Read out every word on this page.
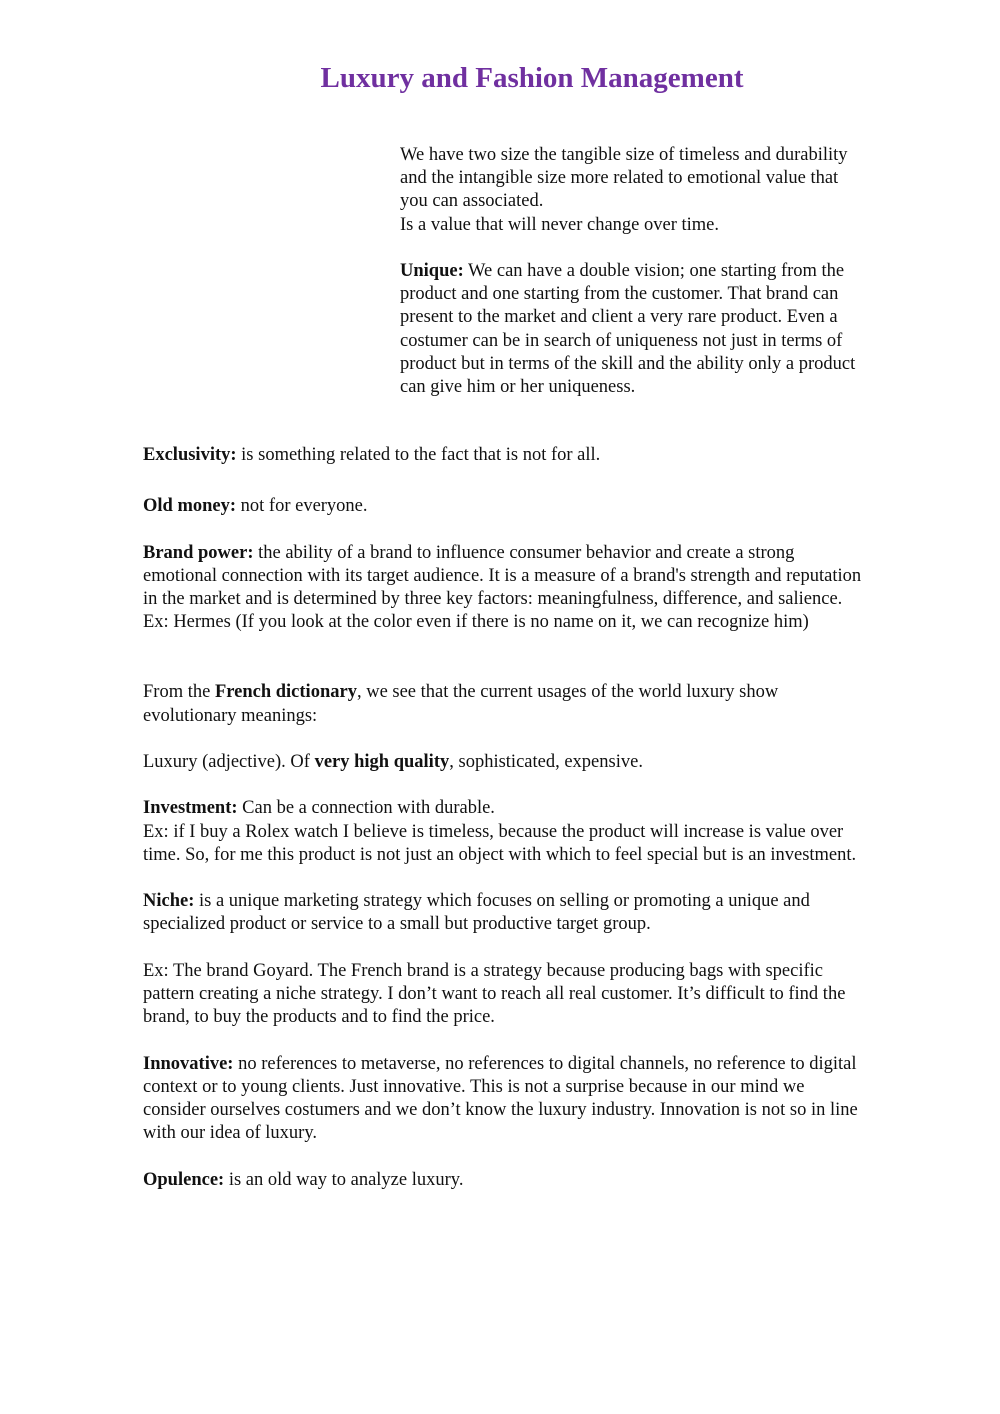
Luxury and Fashion Management

We have two size the tangible size of timeless and durability and the intangible size more related to emotional value that you can associated.
Is a value that will never change over time.

Unique: We can have a double vision; one starting from the product and one starting from the customer. That brand can present to the market and client a very rare product. Even a costumer can be in search of uniqueness not just in terms of product but in terms of the skill and the ability only a product can give him or her uniqueness.

Exclusivity: is something related to the fact that is not for all.

Old money: not for everyone.

Brand power: the ability of a brand to influence consumer behavior and create a strong emotional connection with its target audience. It is a measure of a brand's strength and reputation in the market and is determined by three key factors: meaningfulness, difference, and salience.
Ex: Hermes (If you look at the color even if there is no name on it, we can recognize him)

From the French dictionary, we see that the current usages of the world luxury show evolutionary meanings:

Luxury (adjective). Of very high quality, sophisticated, expensive.

Investment: Can be a connection with durable.
Ex: if I buy a Rolex watch I believe is timeless, because the product will increase is value over time. So, for me this product is not just an object with which to feel special but is an investment.

Niche: is a unique marketing strategy which focuses on selling or promoting a unique and specialized product or service to a small but productive target group.

Ex: The brand Goyard. The French brand is a strategy because producing bags with specific pattern creating a niche strategy. I don’t want to reach all real customer. It’s difficult to find the brand, to buy the products and to find the price.

Innovative: no references to metaverse, no references to digital channels, no reference to digital context or to young clients. Just innovative. This is not a surprise because in our mind we consider ourselves costumers and we don’t know the luxury industry. Innovation is not so in line with our idea of luxury.

Opulence: is an old way to analyze luxury.
